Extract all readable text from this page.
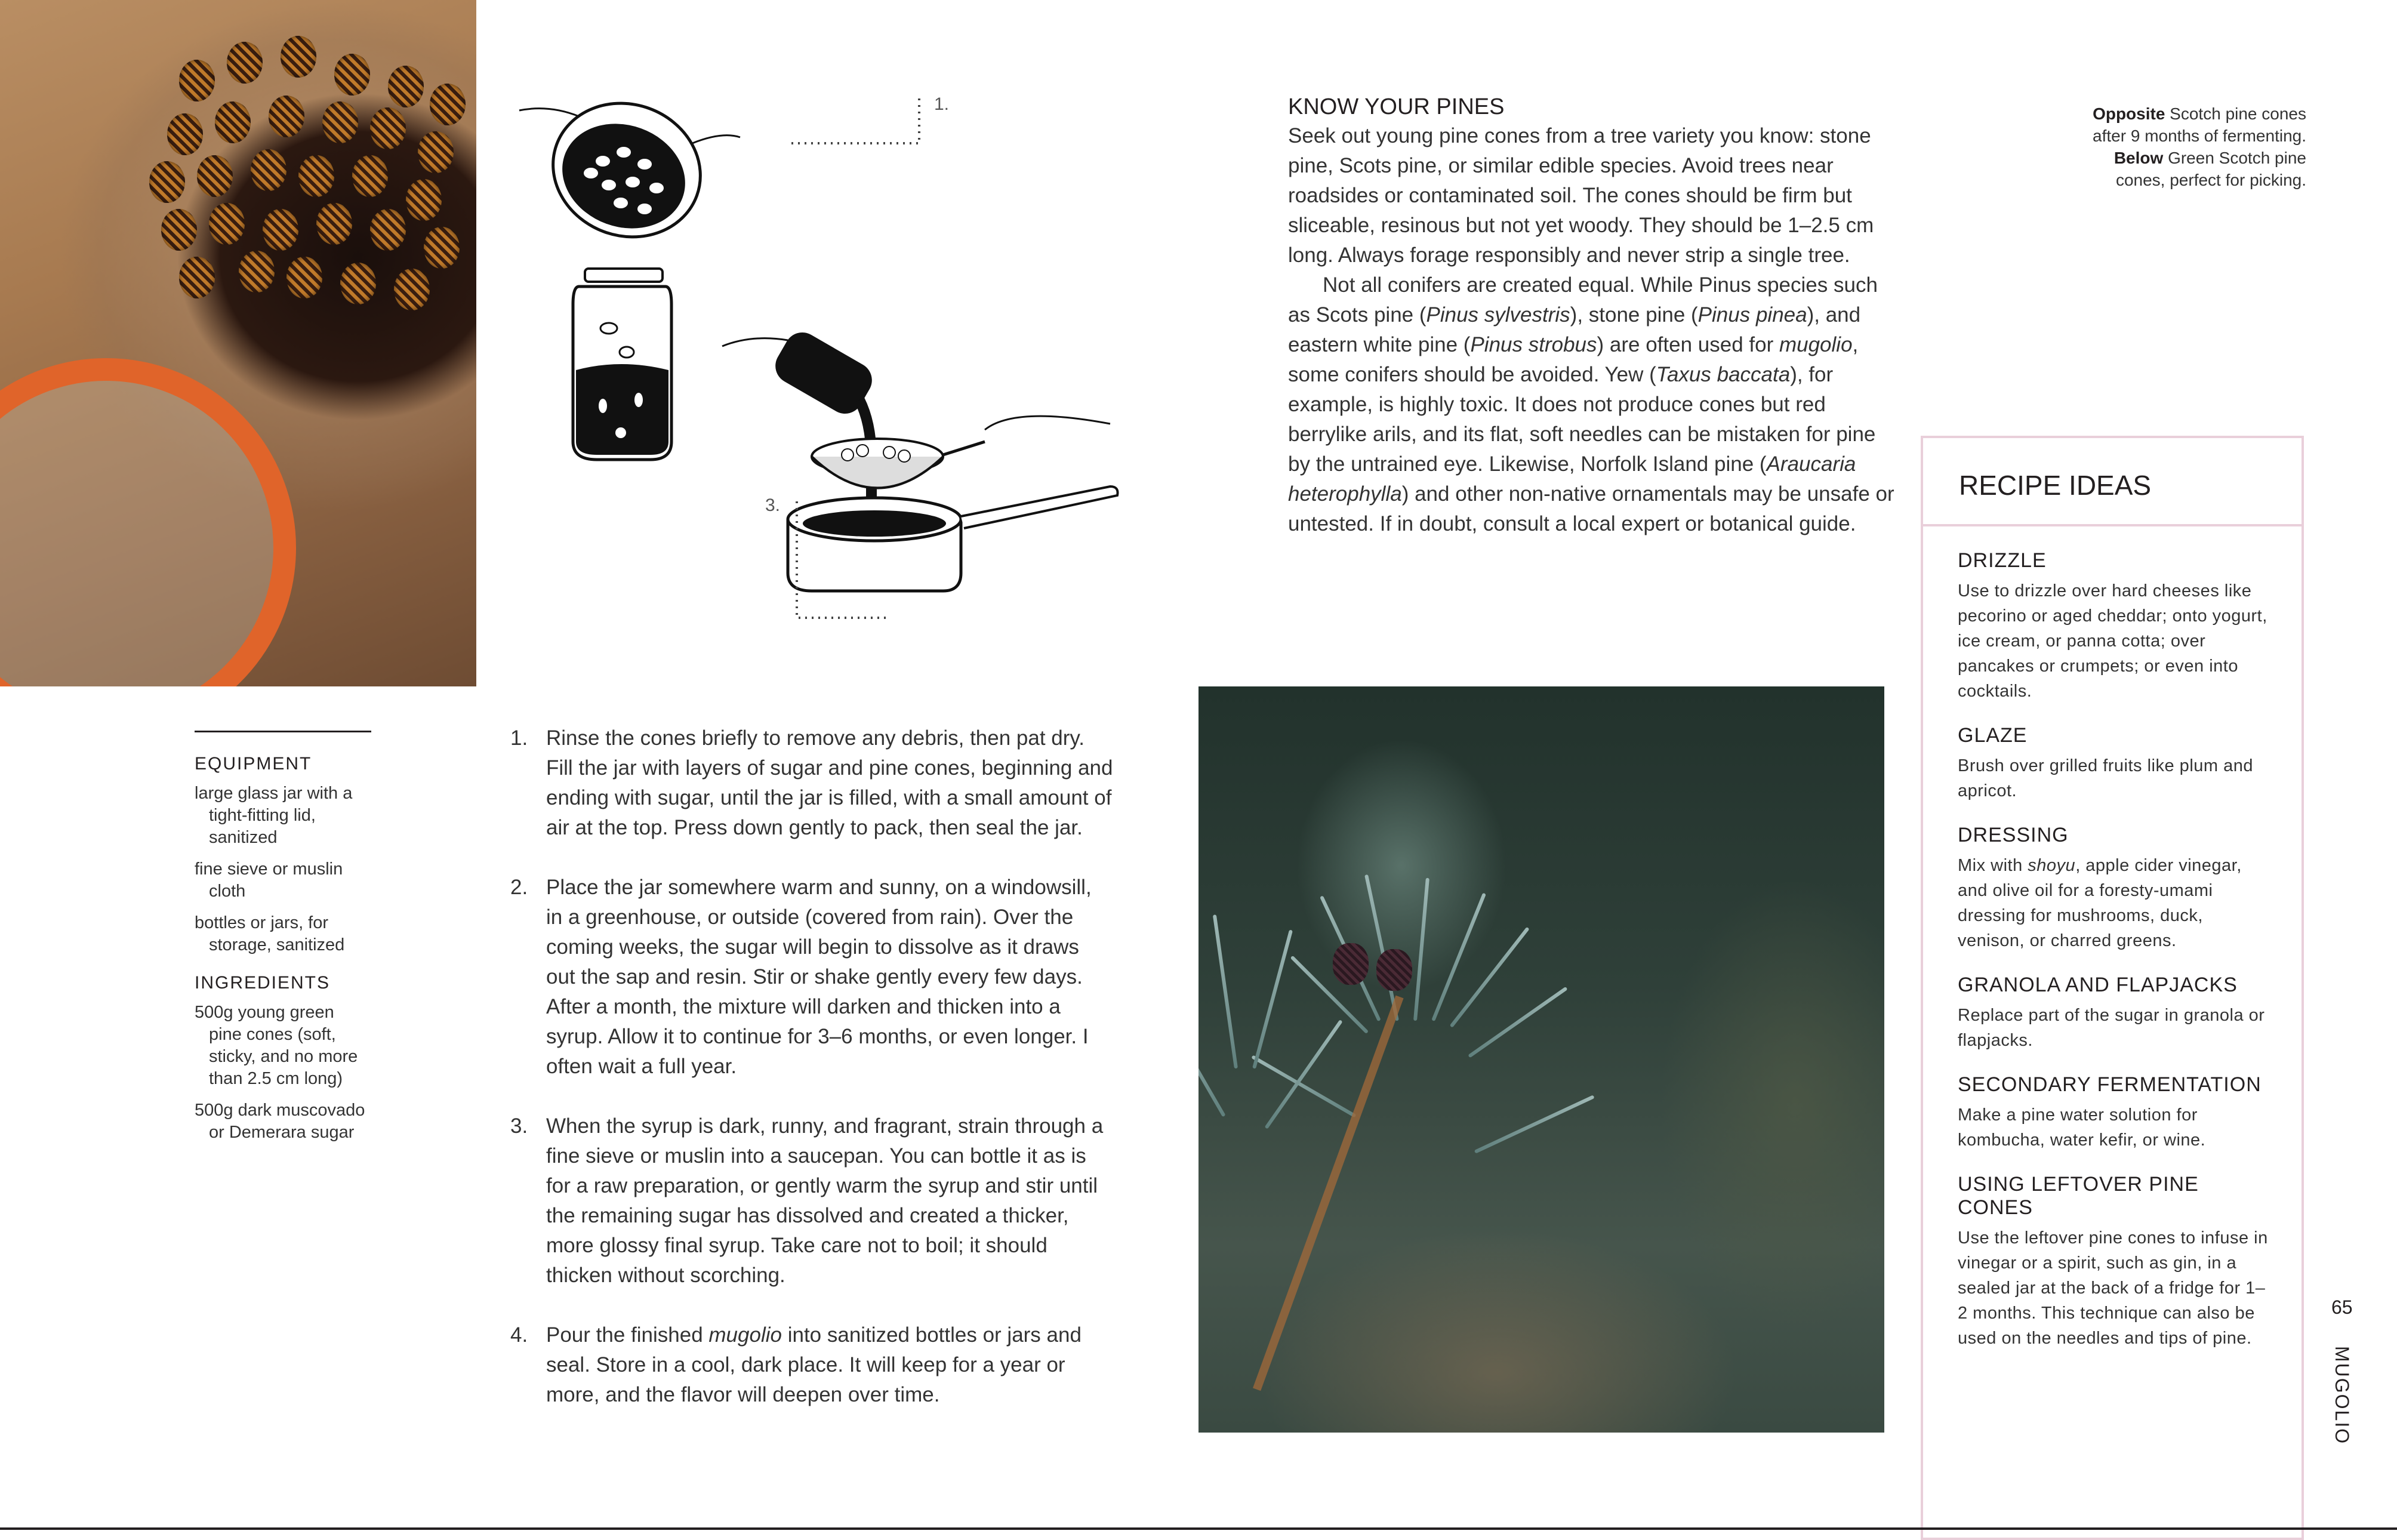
1.
3.
KNOW YOUR PINES

Seek out young pine cones from a tree variety you know: stone pine, Scots pine, or similar edible species. Avoid trees near roadsides or contaminated soil. The cones should be firm but sliceable, resinous but not yet woody. They should be 1–2.5 cm long. Always forage responsibly and never strip a single tree.

Not all conifers are created equal. While Pinus species such as Scots pine (Pinus sylvestris), stone pine (Pinus pinea), and eastern white pine (Pinus strobus) are often used for mugolio, some conifers should be avoided. Yew (Taxus baccata), for example, is highly toxic. It does not produce cones but red berrylike arils, and its flat, soft needles can be mistaken for pine by the untrained eye. Likewise, Norfolk Island pine (Araucaria heterophylla) and other non-native ornamentals may be unsafe or untested. If in doubt, consult a local expert or botanical guide.

Opposite Scotch pine cones after 9 months of fermenting.
Below Green Scotch pine cones, perfect for picking.
RECIPE IDEAS
DRIZZLE

Use to drizzle over hard cheeses like pecorino or aged cheddar; onto yogurt, ice cream, or panna cotta; over pancakes or crumpets; or even into cocktails.

GLAZE

Brush over grilled fruits like plum and apricot.

DRESSING

Mix with shoyu, apple cider vinegar, and olive oil for a foresty-umami dressing for mushrooms, duck, venison, or charred greens.

GRANOLA AND FLAPJACKS

Replace part of the sugar in granola or flapjacks.

SECONDARY FERMENTATION

Make a pine water solution for kombucha, water kefir, or wine.

USING LEFTOVER PINE CONES

Use the leftover pine cones to infuse in vinegar or a spirit, such as gin, in a sealed jar at the back of a fridge for 1–2 months. This technique can also be used on the needles and tips of pine.

EQUIPMENT
large glass jar with a tight-fitting lid, sanitized
fine sieve or muslin cloth
bottles or jars, for storage, sanitized
INGREDIENTS
500g young green pine cones (soft, sticky, and no more than 2.5 cm long)
500g dark muscovado or Demerara sugar
1. Rinse the cones briefly to remove any debris, then pat dry. Fill the jar with layers of sugar and pine cones, beginning and ending with sugar, until the jar is filled, with a small amount of air at the top. Press down gently to pack, then seal the jar.
2. Place the jar somewhere warm and sunny, on a windowsill, in a greenhouse, or outside (covered from rain). Over the coming weeks, the sugar will begin to dissolve as it draws out the sap and resin. Stir or shake gently every few days. After a month, the mixture will darken and thicken into a syrup. Allow it to continue for 3–6 months, or even longer. I often wait a full year.
3. When the syrup is dark, runny, and fragrant, strain through a fine sieve or muslin into a saucepan. You can bottle it as is for a raw preparation, or gently warm the syrup and stir until the remaining sugar has dissolved and created a thicker, more glossy final syrup. Take care not to boil; it should thicken without scorching.
4. Pour the finished mugolio into sanitized bottles or jars and seal. Store in a cool, dark place. It will keep for a year or more, and the flavor will deepen over time.
65
MUGOLIO
